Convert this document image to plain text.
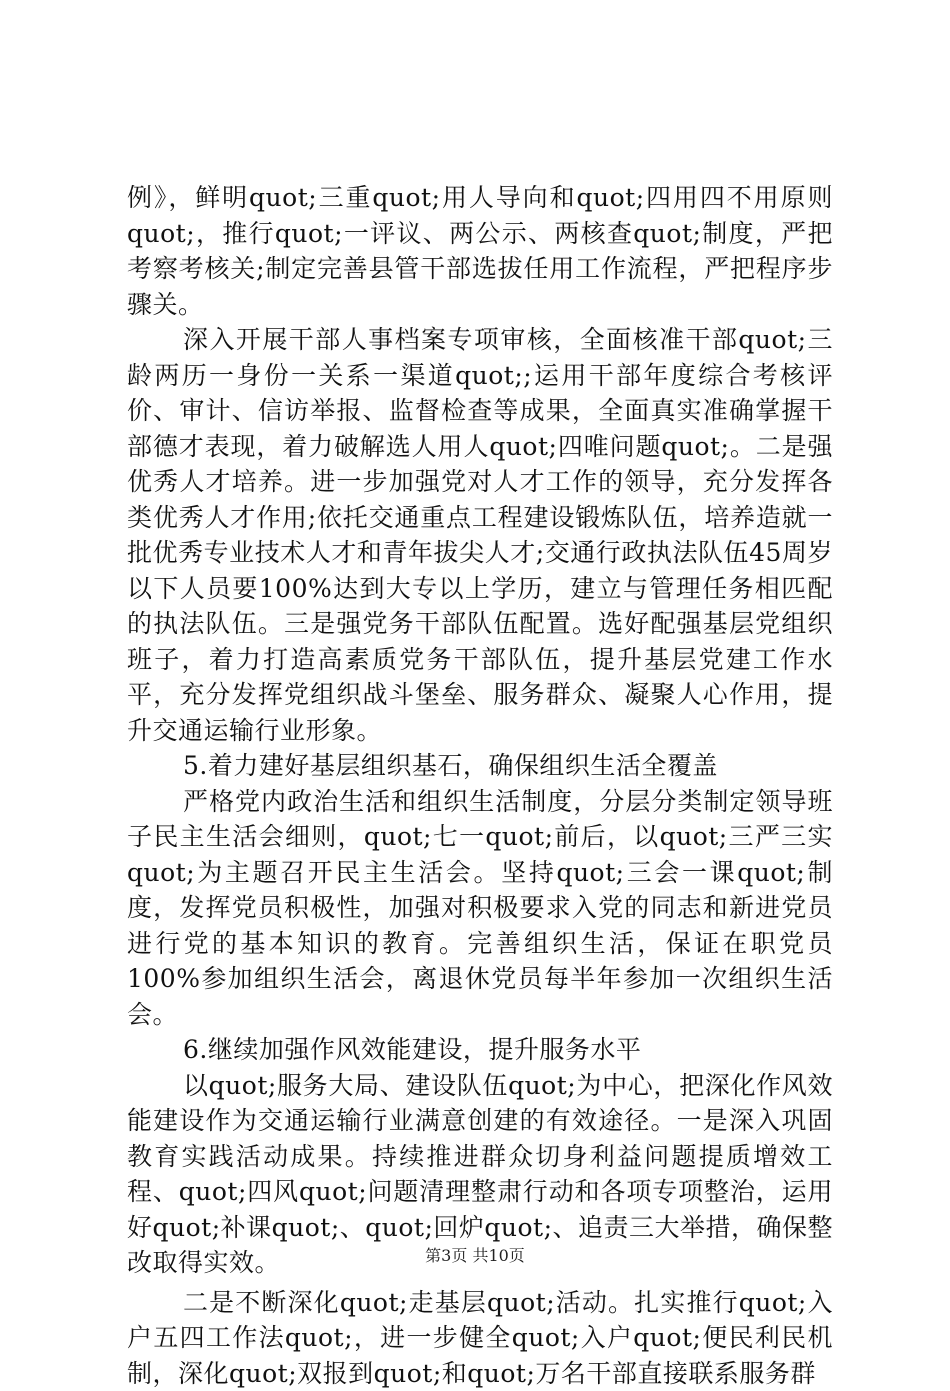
例》，鲜明quot;三重quot;用人导向和quot;四用四不用原则quot;，推行quot;一评议、两公示、两核查quot;制度，严把考察考核关;制定完善县管干部选拔任用工作流程，严把程序步骤关。

深入开展干部人事档案专项审核，全面核准干部quot;三龄两历一身份一关系一渠道quot;;运用干部年度综合考核评价、审计、信访举报、监督检查等成果，全面真实准确掌握干部德才表现，着力破解选人用人quot;四唯问题quot;。二是强优秀人才培养。进一步加强党对人才工作的领导，充分发挥各类优秀人才作用;依托交通重点工程建设锻炼队伍，培养造就一批优秀专业技术人才和青年拔尖人才;交通行政执法队伍45周岁以下人员要100%达到大专以上学历，建立与管理任务相匹配的执法队伍。三是强党务干部队伍配置。选好配强基层党组织班子，着力打造高素质党务干部队伍，提升基层党建工作水平，充分发挥党组织战斗堡垒、服务群众、凝聚人心作用，提升交通运输行业形象。

5.着力建好基层组织基石，确保组织生活全覆盖

严格党内政治生活和组织生活制度，分层分类制定领导班子民主生活会细则，quot;七一quot;前后，以quot;三严三实quot;为主题召开民主生活会。坚持quot;三会一课quot;制度，发挥党员积极性，加强对积极要求入党的同志和新进党员进行党的基本知识的教育。完善组织生活，保证在职党员100%参加组织生活会，离退休党员每半年参加一次组织生活会。

6.继续加强作风效能建设，提升服务水平

以quot;服务大局、建设队伍quot;为中心，把深化作风效能建设作为交通运输行业满意创建的有效途径。一是深入巩固教育实践活动成果。持续推进群众切身利益问题提质增效工程、quot;四风quot;问题清理整肃行动和各项专项整治，运用好quot;补课quot;、quot;回炉quot;、追责三大举措，确保整改取得实效。

二是不断深化quot;走基层quot;活动。扎实推行quot;入户五四工作法quot;，进一步健全quot;入户quot;便民利民机制，深化quot;双报到quot;和quot;万名干部直接联系服务群

第3页 共10页
